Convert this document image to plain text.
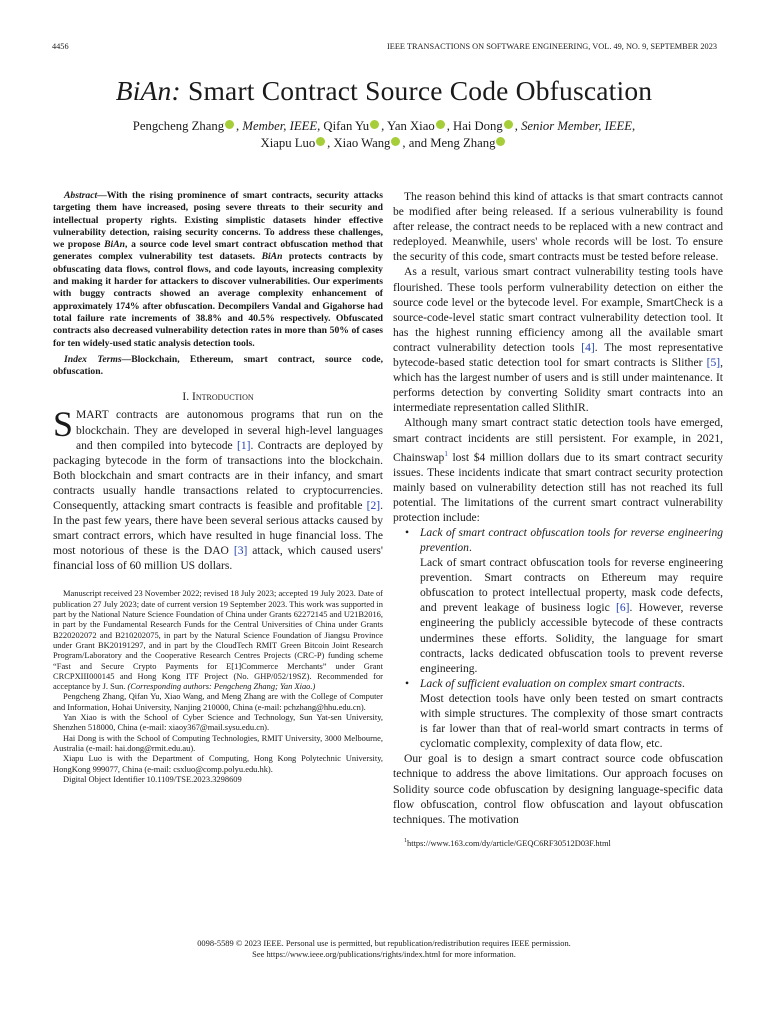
4456	IEEE TRANSACTIONS ON SOFTWARE ENGINEERING, VOL. 49, NO. 9, SEPTEMBER 2023
BiAn: Smart Contract Source Code Obfuscation
Pengcheng Zhang , Member, IEEE, Qifan Yu , Yan Xiao , Hai Dong , Senior Member, IEEE,
Xiapu Luo , Xiao Wang , and Meng Zhang

Abstract—With the rising prominence of smart contracts, security attacks targeting them have increased, posing severe threats to their security and intellectual property rights. Existing simplistic datasets hinder effective vulnerability detection, raising security concerns. To address these challenges, we propose BiAn, a source code level smart contract obfuscation method that generates complex vulnerability test datasets. BiAn protects contracts by obfuscating data flows, control flows, and code layouts, increasing complexity and making it harder for attackers to discover vulnerabilities. Our experiments with buggy contracts showed an average complexity enhancement of approximately 174% after obfuscation. Decompilers Vandal and Gigahorse had total failure rate increments of 38.8% and 40.5% respectively. Obfuscated contracts also decreased vulnerability detection rates in more than 50% of cases for ten widely-used static analysis detection tools.

Index Terms—Blockchain, Ethereum, smart contract, source code, obfuscation.

I. Introduction

SMART contracts are autonomous programs that run on the blockchain. They are developed in several high-level languages and then compiled into bytecode [1]. Contracts are deployed by packaging bytecode in the form of transactions into the blockchain. Both blockchain and smart contracts are in their infancy, and smart contracts usually handle transactions related to cryptocurrencies. Consequently, attacking smart contracts is feasible and profitable [2]. In the past few years, there have been several serious attacks caused by smart contract errors, which have resulted in huge financial loss. The most notorious of these is the DAO [3] attack, which caused users' financial loss of 60 million US dollars.

Manuscript received 23 November 2022; revised 18 July 2023; accepted 19 July 2023. Date of publication 27 July 2023; date of current version 19 September 2023. This work was supported in part by the National Nature Science Foundation of China under Grants 62272145 and U21B2016, in part by the Fundamental Research Funds for the Central Universities of China under Grants B220202072 and B210202075, in part by the Natural Science Foundation of Jiangsu Province under Grant BK20191297, and in part by the CloudTech RMIT Green Bitcoin Joint Research Program/Laboratory and the Cooperative Research Centres Projects (CRC-P) funding scheme “Fast and Secure Crypto Payments for E[1]Commerce Merchants” under Grant CRCPXIII000145 and Hong Kong ITF Project (No. GHP/052/19SZ). Recommended for acceptance by J. Sun. (Corresponding authors: Pengcheng Zhang; Yan Xiao.)

Pengcheng Zhang, Qifan Yu, Xiao Wang, and Meng Zhang are with the College of Computer and Information, Hohai University, Nanjing 210000, China (e-mail: pchzhang@hhu.edu.cn).

Yan Xiao is with the School of Cyber Science and Technology, Sun Yat-sen University, Shenzhen 518000, China (e-mail: xiaoy367@mail.sysu.edu.cn).

Hai Dong is with the School of Computing Technologies, RMIT University, 3000 Melbourne, Australia (e-mail: hai.dong@rmit.edu.au).

Xiapu Luo is with the Department of Computing, Hong Kong Polytechnic University, HongKong 999077, China (e-mail: csxluo@comp.polyu.edu.hk).

Digital Object Identifier 10.1109/TSE.2023.3298609

The reason behind this kind of attacks is that smart contracts cannot be modified after being released. If a serious vulnerability is found after release, the contract needs to be replaced with a new contract and redeployed. Meanwhile, users' whole records will be lost. To ensure the security of this code, smart contracts must be tested before release.

As a result, various smart contract vulnerability testing tools have flourished. These tools perform vulnerability detection on either the source code level or the bytecode level. For example, SmartCheck is a source-code-level static smart contract vulnerability detection tool. It has the highest running efficiency among all the available smart contract vulnerability detection tools [4]. The most representative bytecode-based static detection tool for smart contracts is Slither [5], which has the largest number of users and is still under maintenance. It performs detection by converting Solidity smart contracts into an intermediate representation called SlithIR.

Although many smart contract static detection tools have emerged, smart contract incidents are still persistent. For example, in 2021, Chainswap$^1$ lost $4 million dollars due to its smart contract security issues. These incidents indicate that smart contract security protection mainly based on vulnerability detection still has not reached its full potential. The limitations of the current smart contract vulnerability protection include:

• Lack of smart contract obfuscation tools for reverse engineering prevention.
Lack of smart contract obfuscation tools for reverse engineering prevention. Smart contracts on Ethereum may require obfuscation to protect intellectual property, mask code defects, and prevent leakage of business logic [6]. However, reverse engineering the publicly accessible bytecode of these contracts undermines these efforts. Solidity, the language for smart contracts, lacks dedicated obfuscation tools to prevent reverse engineering.
• Lack of sufficient evaluation on complex smart contracts.
Most detection tools have only been tested on smart contracts with simple structures. The complexity of those smart contracts is far lower than that of real-world smart contracts in terms of cyclomatic complexity, complexity of data flow, etc.

Our goal is to design a smart contract source code obfuscation technique to address the above limitations. Our approach focuses on Solidity source code obfuscation by designing language-specific data flow obfuscation, control flow obfuscation and layout obfuscation techniques. The motivation

$^1$https://www.163.com/dy/article/GEQC6RF30512D03F.html
0098-5589 © 2023 IEEE. Personal use is permitted, but republication/redistribution requires IEEE permission.
See https://www.ieee.org/publications/rights/index.html for more information.
